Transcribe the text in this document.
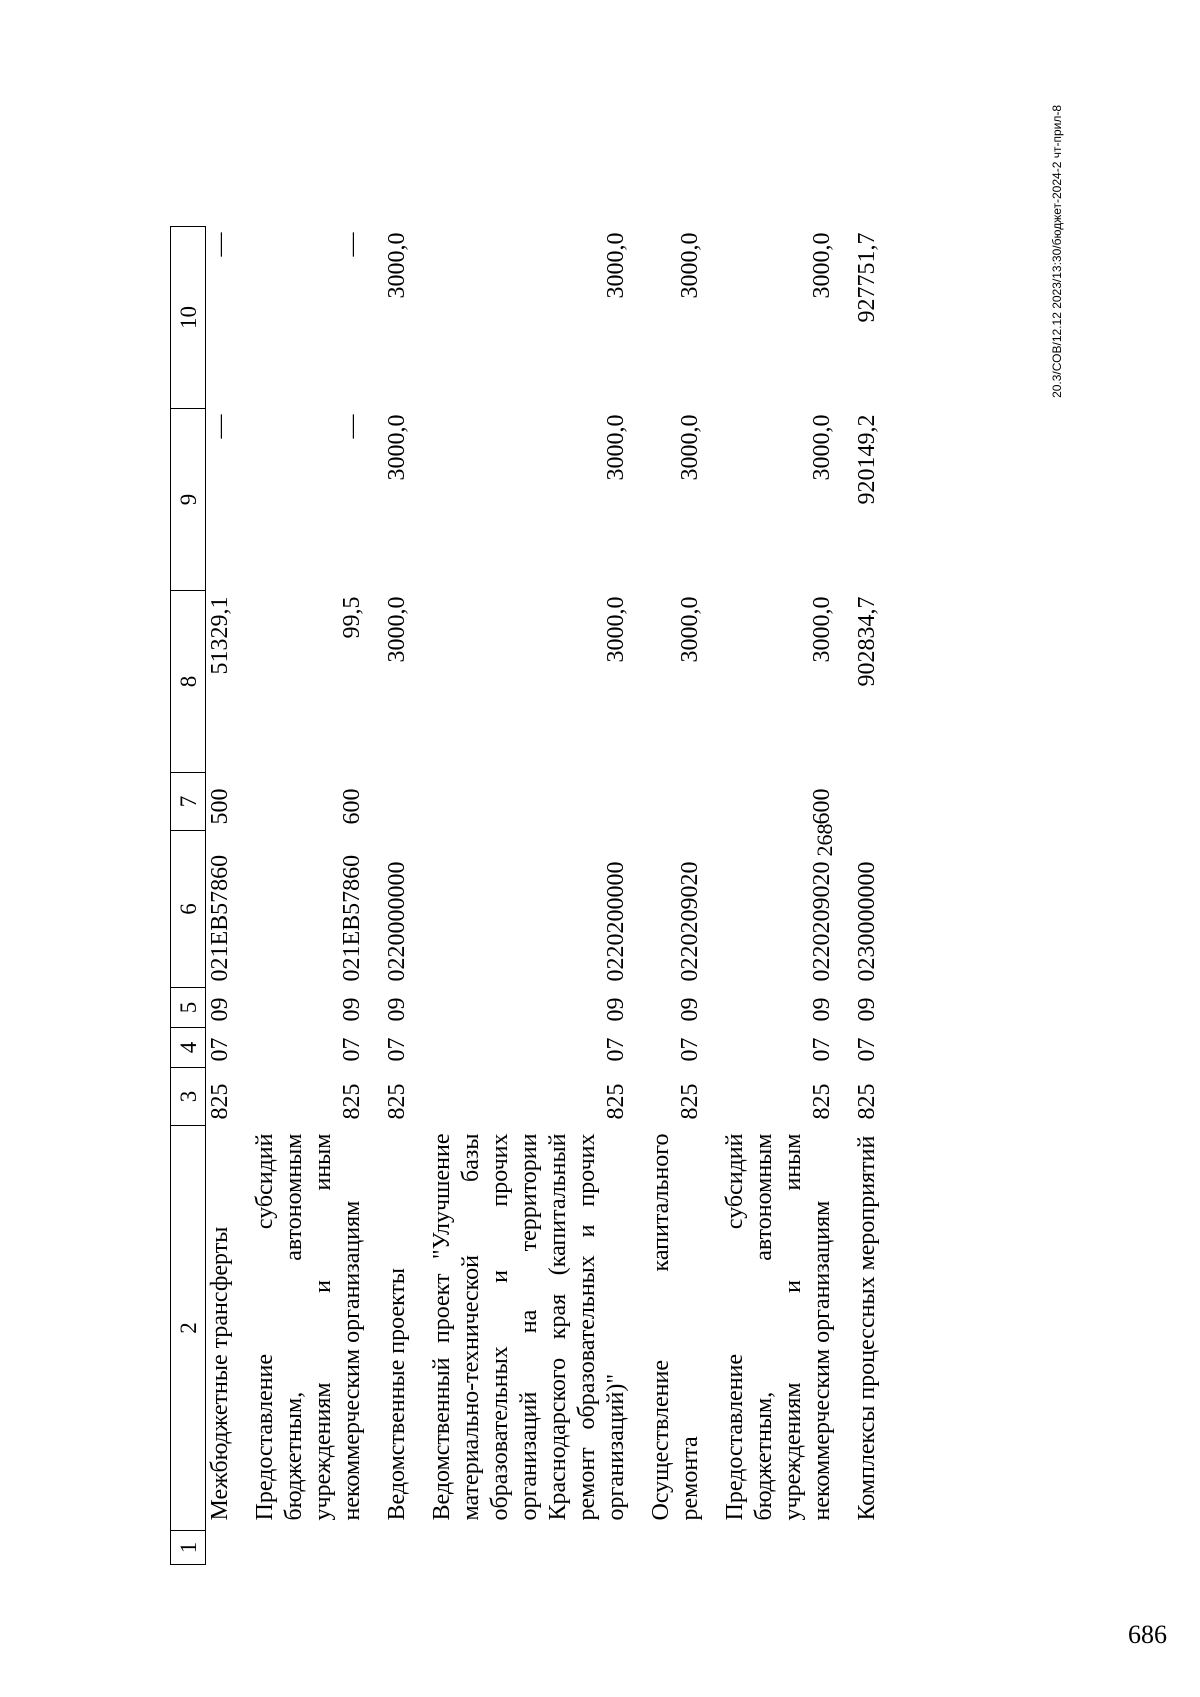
268
1	2	3	4	5	6	7	8	9	10
	Межбюджетные трансферты	825	07	09	021EB57860	500	51329,1	—	—
	Предоставление субсидий бюджетным, автономным учреждениям и иным некоммерческим организациям	825	07	09	021EB57860	600	99,5	—	—
	Ведомственные проекты	825	07	09	0220000000		3000,0	3000,0	3000,0
	Ведомственный проект "Улучшение материально-технической базы образовательных и прочих организаций на территории Краснодарского края (капитальный ремонт образовательных и прочих организаций)"	825	07	09	0220200000		3000,0	3000,0	3000,0
	Осуществление капитального ремонта	825	07	09	0220209020		3000,0	3000,0	3000,0
	Предоставление субсидий бюджетным, автономным учреждениям и иным некоммерческим организациям	825	07	09	0220209020	600	3000,0	3000,0	3000,0
	Комплексы процессных мероприятий	825	07	09	0230000000		902834,7	920149,2	927751,7	20.3/СОВ/12.12 2023/13:30/бюджет-2024-2 чт-прил-8
686
